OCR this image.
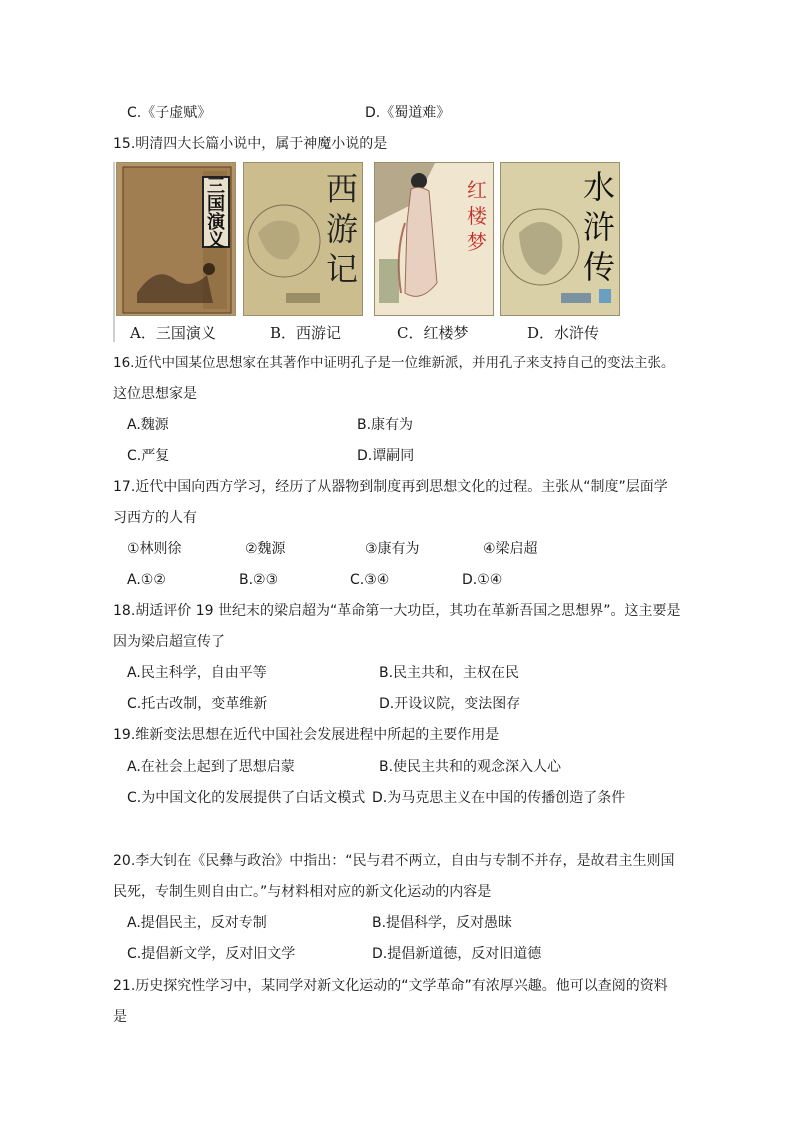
C.《子虚赋》	D.《蜀道难》
15.明清四大长篇小说中，属于神魔小说的是
三国演义
西游记
红楼梦
水浒传
A．三国演义	B．西游记	C．红楼梦	D．水浒传
16.近代中国某位思想家在其著作中证明孔子是一位维新派，并用孔子来支持自己的变法主张。
这位思想家是
A.魏源	B.康有为
C.严复	D.谭嗣同
17.近代中国向西方学习，经历了从器物到制度再到思想文化的过程。主张从“制度”层面学
习西方的人有
①林则徐	②魏源	③康有为	④梁启超
A.①②	B.②③	C.③④	D.①④
18.胡适评价 19 世纪末的梁启超为“革命第一大功臣，其功在革新吾国之思想界”。这主要是
因为梁启超宣传了
A.民主科学，自由平等	B.民主共和，主权在民
C.托古改制，变革维新	D.开设议院，变法图存
19.维新变法思想在近代中国社会发展进程中所起的主要作用是
A.在社会上起到了思想启蒙	B.使民主共和的观念深入人心
C.为中国文化的发展提供了白话文模式 D.为马克思主义在中国的传播创造了条件
20.李大钊在《民彝与政治》中指出：“民与君不两立，自由与专制不并存，是故君主生则国
民死，专制生则自由亡。”与材料相对应的新文化运动的内容是
A.提倡民主，反对专制	B.提倡科学，反对愚昧
C.提倡新文学，反对旧文学	D.提倡新道德，反对旧道德
21.历史探究性学习中，某同学对新文化运动的“文学革命”有浓厚兴趣。他可以查阅的资料
是
